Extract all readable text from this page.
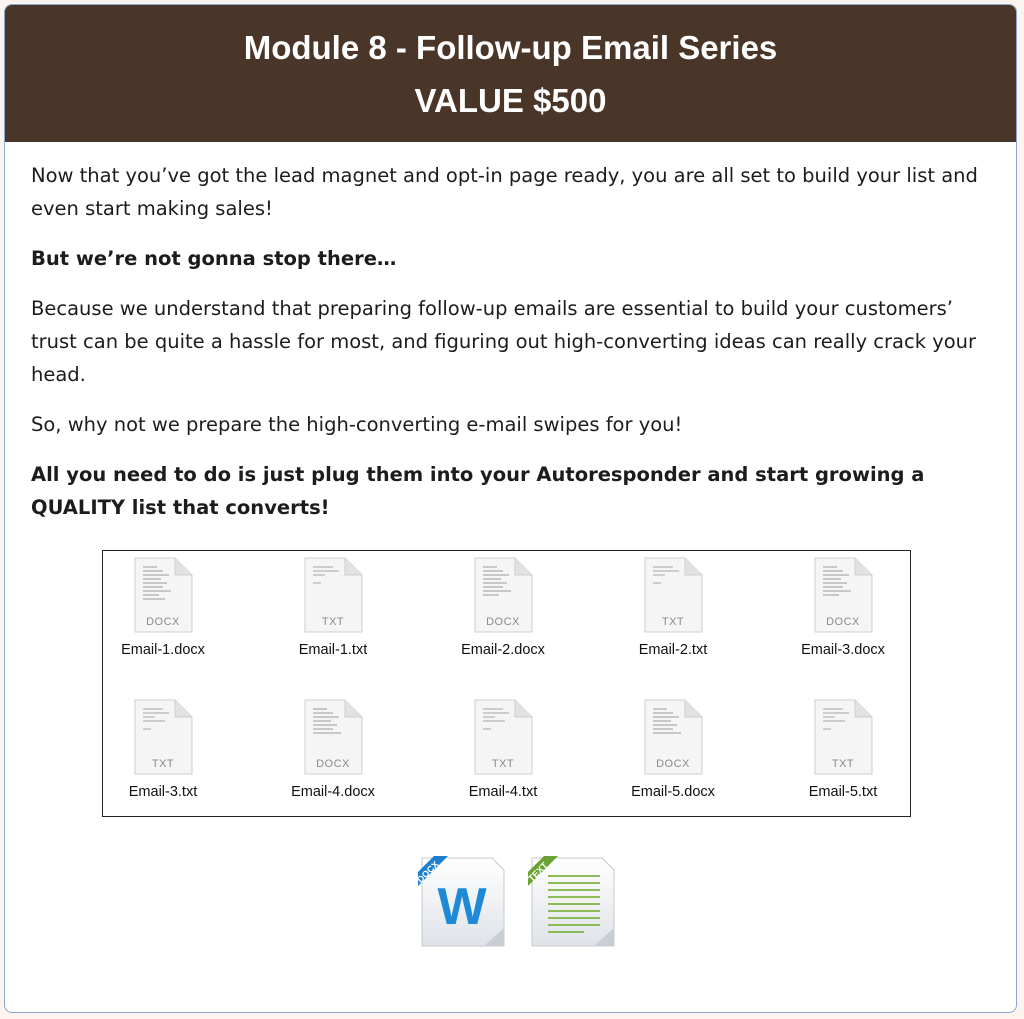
Module 8 - Follow-up Email Series
VALUE $500

Now that you’ve got the lead magnet and opt-in page ready, you are all set to build your list and even start making sales!

But we’re not gonna stop there…

Because we understand that preparing follow-up emails are essential to build your customers’ trust can be quite a hassle for most, and figuring out high-converting ideas can really crack your head.

So, why not we prepare the high-converting e-mail swipes for you!

All you need to do is just plug them into your Autoresponder and start growing a QUALITY list that converts!

DOCX
Email-1.docx
TXT
Email-1.txt
DOCX
Email-2.docx
TXT
Email-2.txt
DOCX
Email-3.docx
TXT
Email-3.txt
DOCX
Email-4.docx
TXT
Email-4.txt
DOCX
Email-5.docx
TXT
Email-5.txt
W
DOCX	TEXT
